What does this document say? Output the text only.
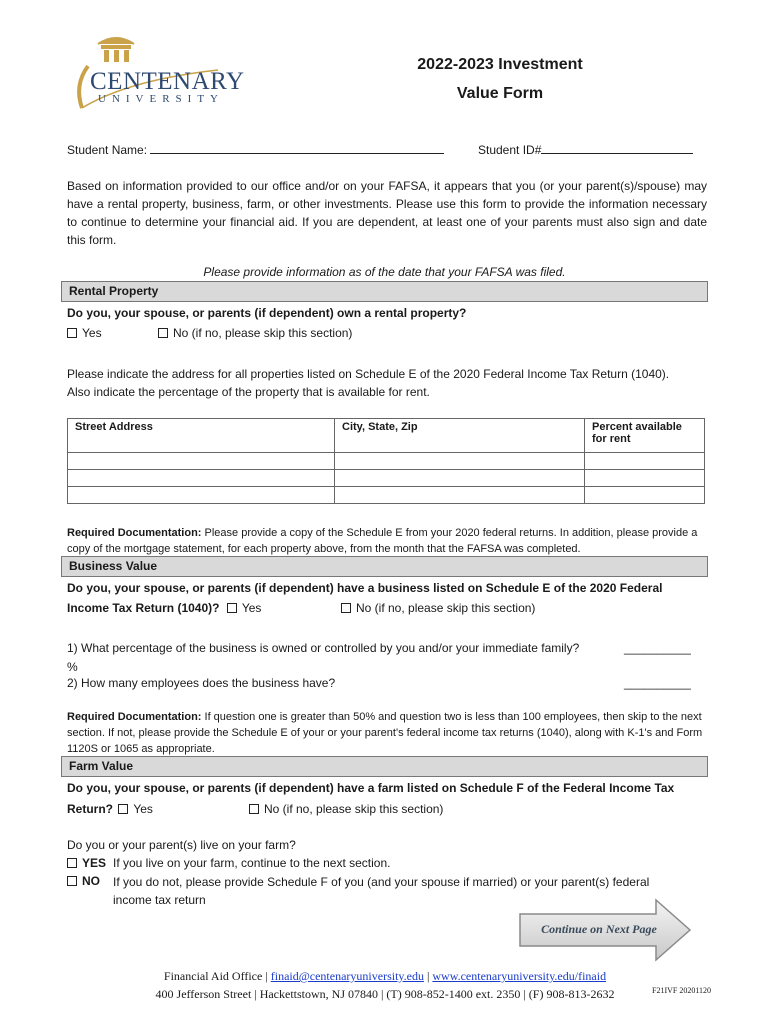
CENTENARY
UNIVERSITY
2022-2023 Investment
Value Form
Student Name:	Student ID#
Based on information provided to our office and/or on your FAFSA, it appears that you (or your parent(s)/spouse) may have a rental property, business, farm, or other investments. Please use this form to provide the information necessary to continue to determine your financial aid. If you are dependent, at least one of your parents must also sign and date this form.
Please provide information as of the date that your FAFSA was filed.
Rental Property
Do you, your spouse, or parents (if dependent) own a rental property?
Yes	No (if no, please skip this section)
Please indicate the address for all properties listed on Schedule E of the 2020 Federal Income Tax Return (1040). Also indicate the percentage of the property that is available for rent.
Street Address	City, State, Zip	Percent available for rent

Required Documentation: Please provide a copy of the Schedule E from your 2020 federal returns. In addition, please provide a copy of the mortgage statement, for each property above, from the month that the FAFSA was completed.
Business Value
Do you, your spouse, or parents (if dependent) have a business listed on Schedule E of the 2020 Federal
Income Tax Return (1040)? Yes	No (if no, please skip this section)
1) What percentage of the business is owned or controlled by you and/or your immediate family?	__________
%
2) How many employees does the business have?	__________
Required Documentation: If question one is greater than 50% and question two is less than 100 employees, then skip to the next section. If not, please provide the Schedule E of your or your parent's federal income tax returns (1040), along with K-1's and Form 1120S or 1065 as appropriate.
Farm Value
Do you, your spouse, or parents (if dependent) have a farm listed on Schedule F of the Federal Income Tax
Return? Yes	No (if no, please skip this section)
Do you or your parent(s) live on your farm?
YES If you live on your farm, continue to the next section.
NO If you do not, please provide Schedule F of you (and your spouse if married) or your parent(s) federal
income tax return
Continue on Next Page
Financial Aid Office | finaid@centenaryuniversity.edu | www.centenaryuniversity.edu/finaid
400 Jefferson Street | Hackettstown, NJ 07840 | (T) 908-852-1400 ext. 2350 | (F) 908-813-2632	F21IVF 20201120
